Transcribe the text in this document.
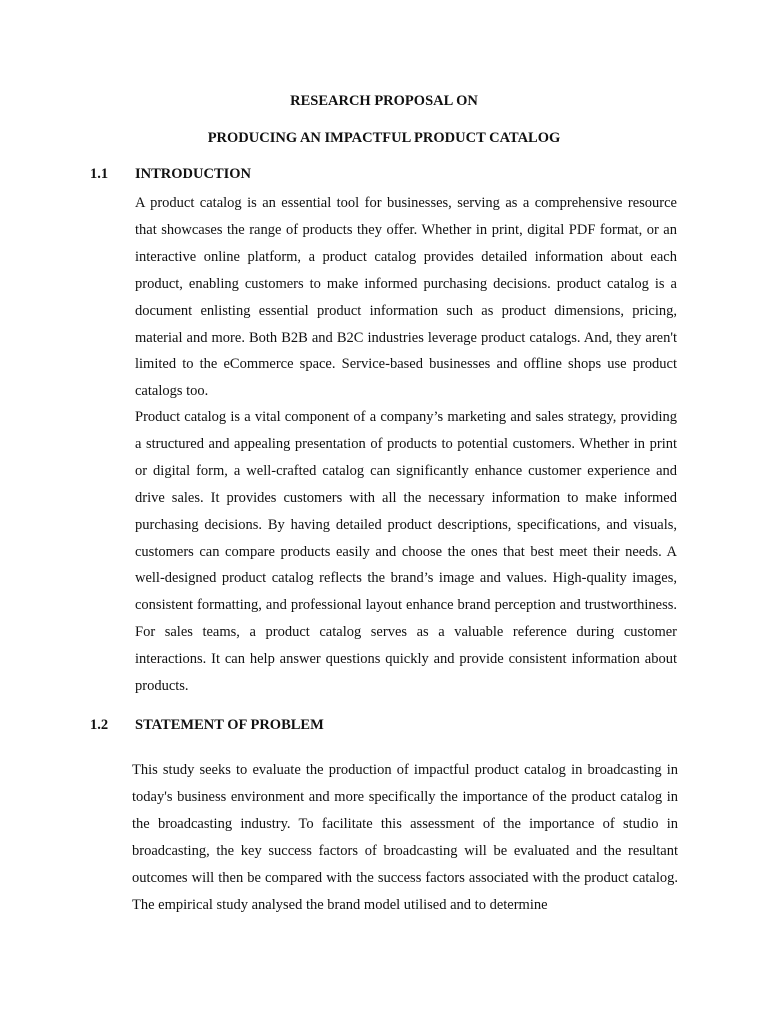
RESEARCH PROPOSAL ON
PRODUCING AN IMPACTFUL PRODUCT CATALOG
1.1 INTRODUCTION

A product catalog is an essential tool for businesses, serving as a comprehensive resource that showcases the range of products they offer. Whether in print, digital PDF format, or an interactive online platform, a product catalog provides detailed information about each product, enabling customers to make informed purchasing decisions. product catalog is a document enlisting essential product information such as product dimensions, pricing, material and more. Both B2B and B2C industries leverage product catalogs. And, they aren't limited to the eCommerce space. Service-based businesses and offline shops use product catalogs too.

Product catalog is a vital component of a company’s marketing and sales strategy, providing a structured and appealing presentation of products to potential customers. Whether in print or digital form, a well-crafted catalog can significantly enhance customer experience and drive sales. It provides customers with all the necessary information to make informed purchasing decisions. By having detailed product descriptions, specifications, and visuals, customers can compare products easily and choose the ones that best meet their needs. A well-designed product catalog reflects the brand’s image and values. High-quality images, consistent formatting, and professional layout enhance brand perception and trustworthiness. For sales teams, a product catalog serves as a valuable reference during customer interactions. It can help answer questions quickly and provide consistent information about products.

1.2 STATEMENT OF PROBLEM

This study seeks to evaluate the production of impactful product catalog in broadcasting in today's business environment and more specifically the importance of the product catalog in the broadcasting industry. To facilitate this assessment of the importance of studio in broadcasting, the key success factors of broadcasting will be evaluated and the resultant outcomes will then be compared with the success factors associated with the product catalog. The empirical study analysed the brand model utilised and to determine
